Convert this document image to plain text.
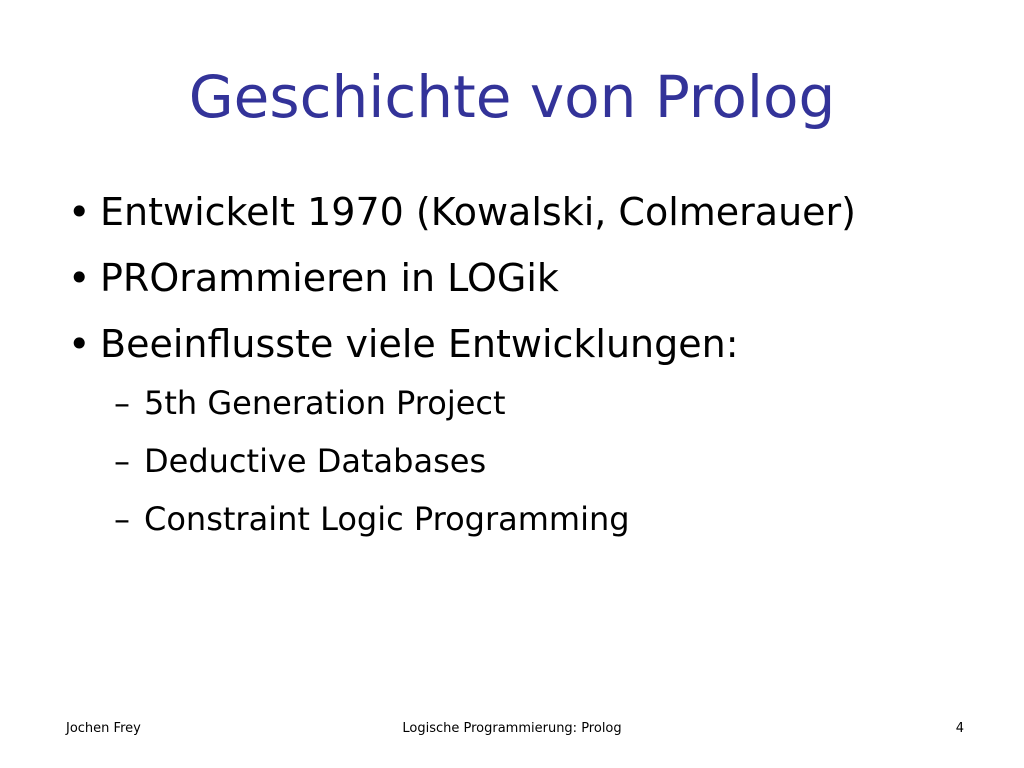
Geschichte von Prolog
• Entwickelt 1970 (Kowalski, Colmerauer)
• PROrammieren in LOGik
• Beeinflusste viele Entwicklungen:
– 5th Generation Project
– Deductive Databases
– Constraint Logic Programming
Jochen Frey	Logische Programmierung: Prolog	4
